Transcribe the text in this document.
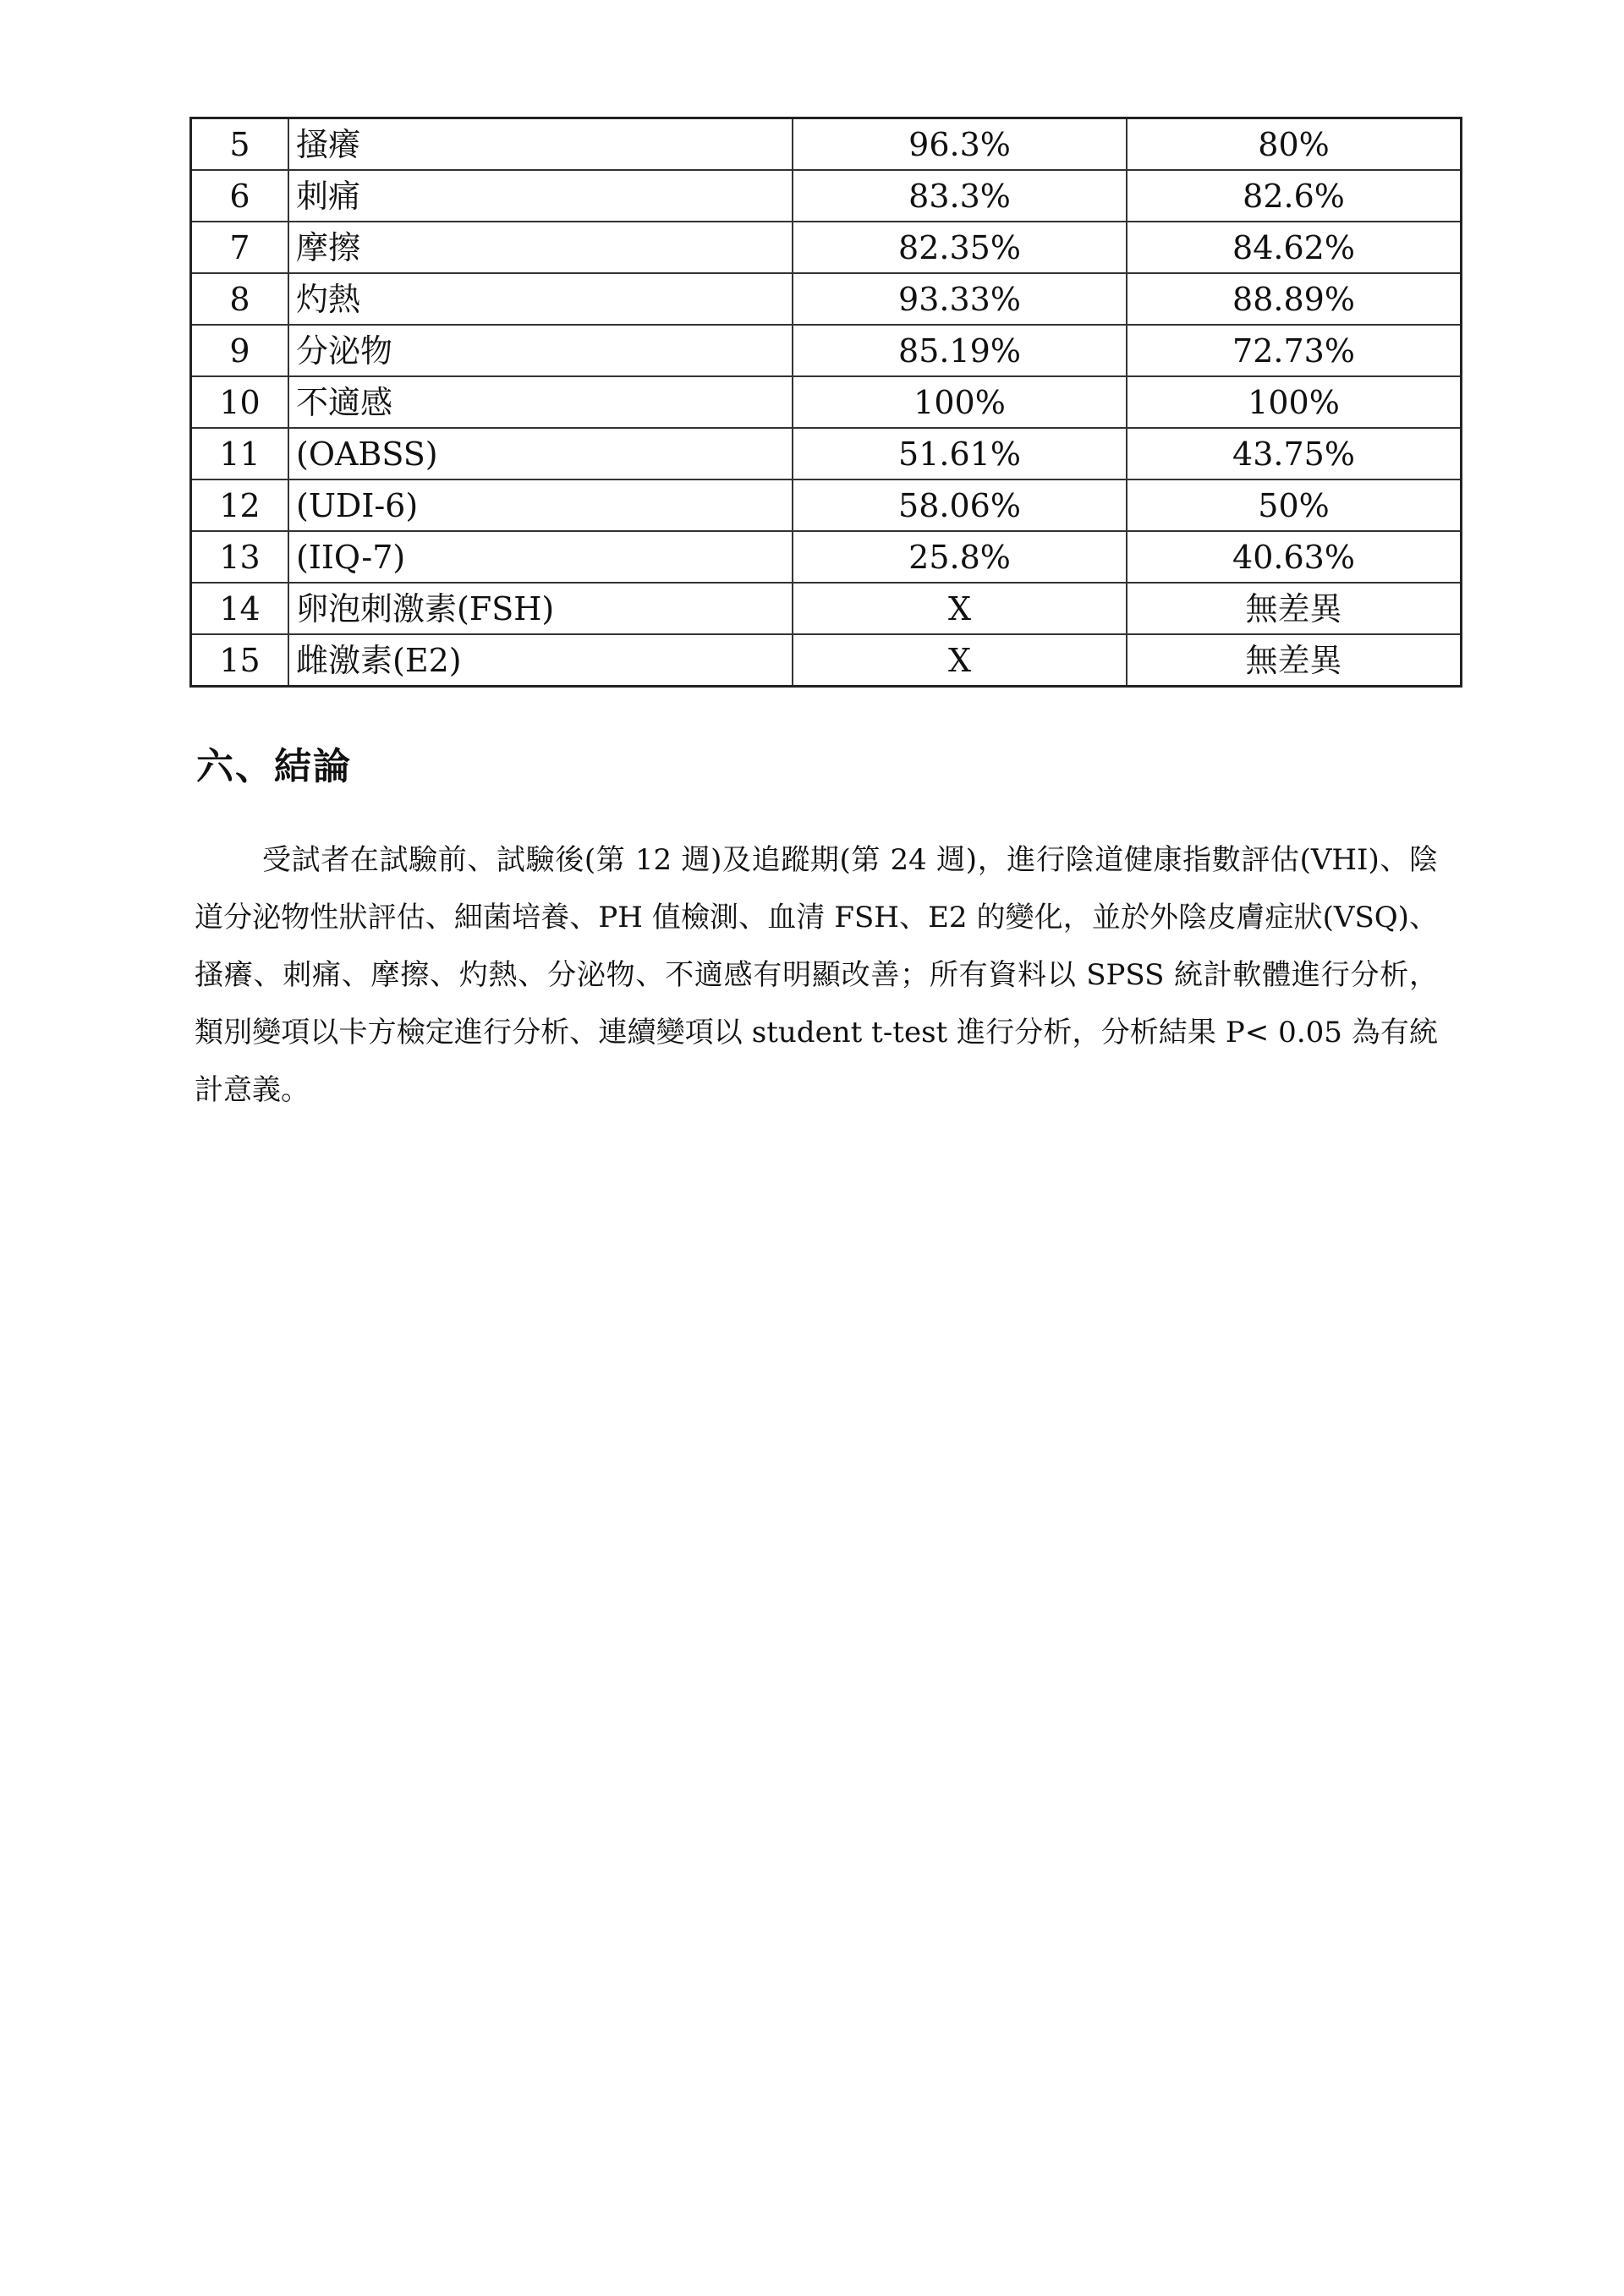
5	搔癢	96.3%	80%
6	刺痛	83.3%	82.6%
7	摩擦	82.35%	84.62%
8	灼熱	93.33%	88.89%
9	分泌物	85.19%	72.73%
10	不適感	100%	100%
11	(OABSS)	51.61%	43.75%
12	(UDI-6)	58.06%	50%
13	(IIQ-7)	25.8%	40.63%
14	卵泡刺激素(FSH)	X	無差異
15	雌激素(E2)	X	無差異
六、結論

受試者在試驗前、試驗後(第 12 週)及追蹤期(第 24 週)，進行陰道健康指數評估(VHI)、陰道分泌物性狀評估、細菌培養、PH 值檢測、血清 FSH、E2 的變化，並於外陰皮膚症狀(VSQ)、搔癢、刺痛、摩擦、灼熱、分泌物、不適感有明顯改善；所有資料以 SPSS 統計軟體進行分析，類別變項以卡方檢定進行分析、連續變項以 student t-test 進行分析，分析結果 P< 0.05 為有統計意義。
